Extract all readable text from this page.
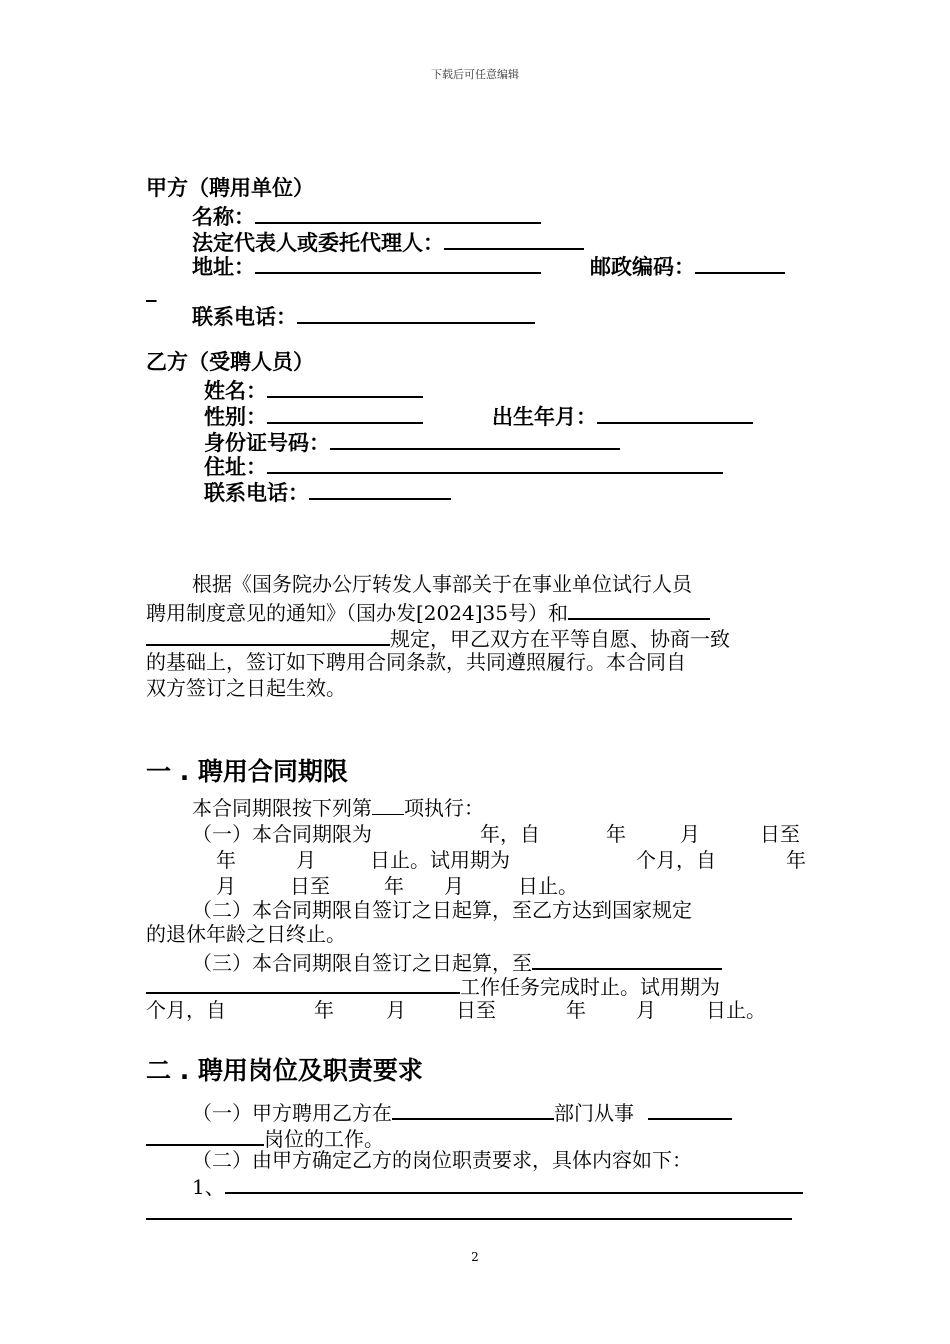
下载后可任意编辑
甲方（聘用单位）
名称：
法定代表人或委托代理人：
地址：	邮政编码：
_
联系电话：
乙方（受聘人员）
姓名：
性别：	出生年月：
身份证号码：
住址：
联系电话：
根据《国务院办公厅转发人事部关于在事业单位试行人员
聘用制度意见的通知》（国办发[2024]35号）和
规定，甲乙双方在平等自愿、协商一致
的基础上，签订如下聘用合同条款，共同遵照履行。本合同自
双方签订之日起生效。
一 . 聘用合同期限
本合同期限按下列第 项执行：
（一）本合同期限为	年，自	年	月	日至
年	月	日止。试用期为	个月，自	年
月	日至	年 月	日止。
（二）本合同期限自签订之日起算，至乙方达到国家规定
的退休年龄之日终止。
（三）本合同期限自签订之日起算，至
工作任务完成时止。试用期为
个月，自	年	月	日至	年	月	日止。
二 . 聘用岗位及职责要求
（一）甲方聘用乙方在	部门从事
岗位的工作。
（二）由甲方确定乙方的岗位职责要求，具体内容如下：
1、
2
